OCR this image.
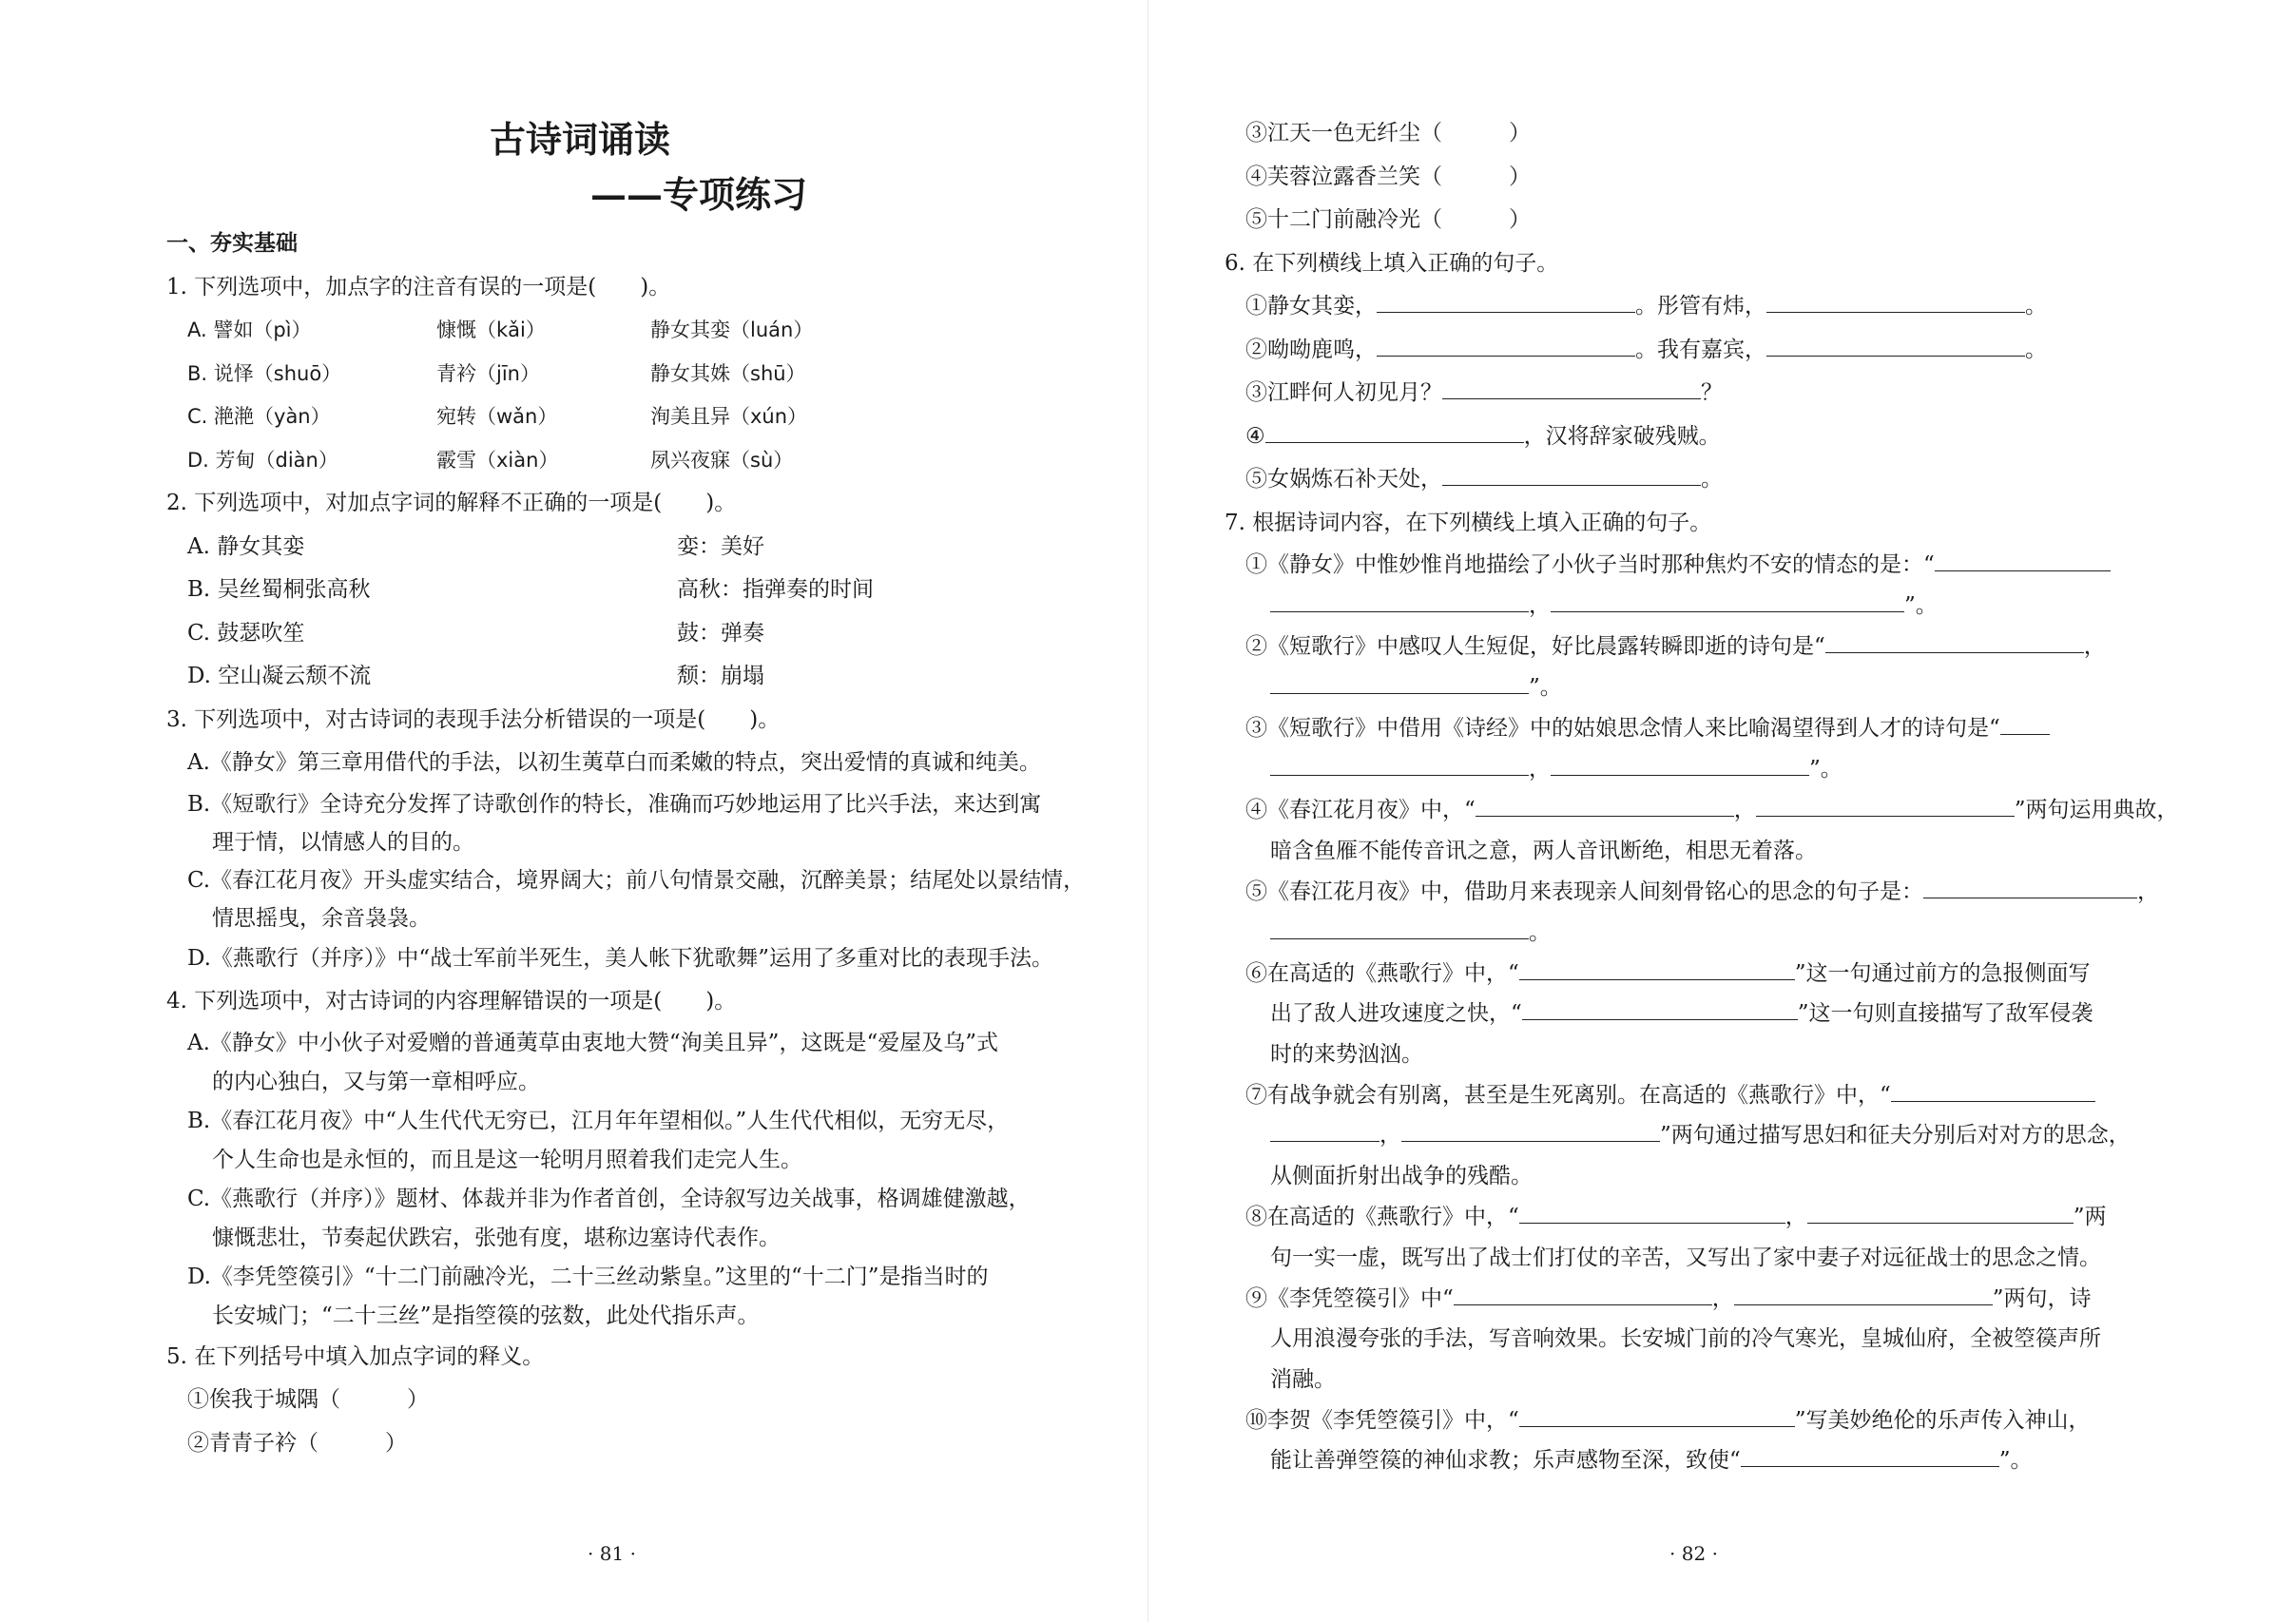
古诗词诵读
——专项练习
一、夯实基础
1. 下列选项中，加点字的注音有误的一项是(　　)。
A. 譬如（pì）	慷慨（kǎi）	静女其娈（luán）
B. 说怿（shuō）	青衿（jīn）	静女其姝（shū）
C. 滟滟（yàn）	宛转（wǎn）	洵美且异（xún）
D. 芳甸（diàn）	霰雪（xiàn）	夙兴夜寐（sù）
2. 下列选项中，对加点字词的解释不正确的一项是(　　)。
A. 静女其娈	娈：美好
B. 吴丝蜀桐张高秋	高秋：指弹奏的时间
C. 鼓瑟吹笙	鼓：弹奏
D. 空山凝云颓不流	颓：崩塌
3. 下列选项中，对古诗词的表现手法分析错误的一项是(　　)。
A.《静女》第三章用借代的手法，以初生荑草白而柔嫩的特点，突出爱情的真诚和纯美。
B.《短歌行》全诗充分发挥了诗歌创作的特长，准确而巧妙地运用了比兴手法，来达到寓
理于情，以情感人的目的。
C.《春江花月夜》开头虚实结合，境界阔大；前八句情景交融，沉醉美景；结尾处以景结情，
情思摇曳，余音袅袅。
D.《燕歌行（并序）》中“战士军前半死生，美人帐下犹歌舞”运用了多重对比的表现手法。
4. 下列选项中，对古诗词的内容理解错误的一项是(　　)。
A.《静女》中小伙子对爱赠的普通荑草由衷地大赞“洵美且异”，这既是“爱屋及乌”式
的内心独白，又与第一章相呼应。
B.《春江花月夜》中“人生代代无穷已，江月年年望相似。”人生代代相似，无穷无尽，
个人生命也是永恒的，而且是这一轮明月照着我们走完人生。
C.《燕歌行（并序）》题材、体裁并非为作者首创，全诗叙写边关战事，格调雄健激越，
慷慨悲壮，节奏起伏跌宕，张弛有度，堪称边塞诗代表作。
D.《李凭箜篌引》“十二门前融冷光，二十三丝动紫皇。”这里的“十二门”是指当时的
长安城门；“二十三丝”是指箜篌的弦数，此处代指乐声。
5. 在下列括号中填入加点字词的释义。
①俟我于城隅（	）
②青青子衿（	）
· 81 ·
③江天一色无纤尘（	）
④芙蓉泣露香兰笑（	）
⑤十二门前融冷光（	）
6. 在下列横线上填入正确的句子。
①静女其娈，	。彤管有炜，	。
②呦呦鹿鸣，	。我有嘉宾，	。
③江畔何人初见月？	？
④	，汉将辞家破残贼。
⑤女娲炼石补天处，	。
7. 根据诗词内容，在下列横线上填入正确的句子。
①《静女》中惟妙惟肖地描绘了小伙子当时那种焦灼不安的情态的是：“
，	”。
②《短歌行》中感叹人生短促，好比晨露转瞬即逝的诗句是“	，
”。
③《短歌行》中借用《诗经》中的姑娘思念情人来比喻渴望得到人才的诗句是“
，	”。
④《春江花月夜》中，“	，	”两句运用典故，
暗含鱼雁不能传音讯之意，两人音讯断绝，相思无着落。
⑤《春江花月夜》中，借助月来表现亲人间刻骨铭心的思念的句子是：	，
。
⑥在高适的《燕歌行》中，“	”这一句通过前方的急报侧面写
出了敌人进攻速度之快，“	”这一句则直接描写了敌军侵袭
时的来势汹汹。
⑦有战争就会有别离，甚至是生死离别。在高适的《燕歌行》中，“
，	”两句通过描写思妇和征夫分别后对对方的思念，
从侧面折射出战争的残酷。
⑧在高适的《燕歌行》中，“	，	”两
句一实一虚，既写出了战士们打仗的辛苦，又写出了家中妻子对远征战士的思念之情。
⑨《李凭箜篌引》中“	，	”两句，诗
人用浪漫夸张的手法，写音响效果。长安城门前的冷气寒光，皇城仙府，全被箜篌声所
消融。
⑩李贺《李凭箜篌引》中，“	”写美妙绝伦的乐声传入神山，
能让善弹箜篌的神仙求教；乐声感物至深，致使“	”。
· 82 ·
